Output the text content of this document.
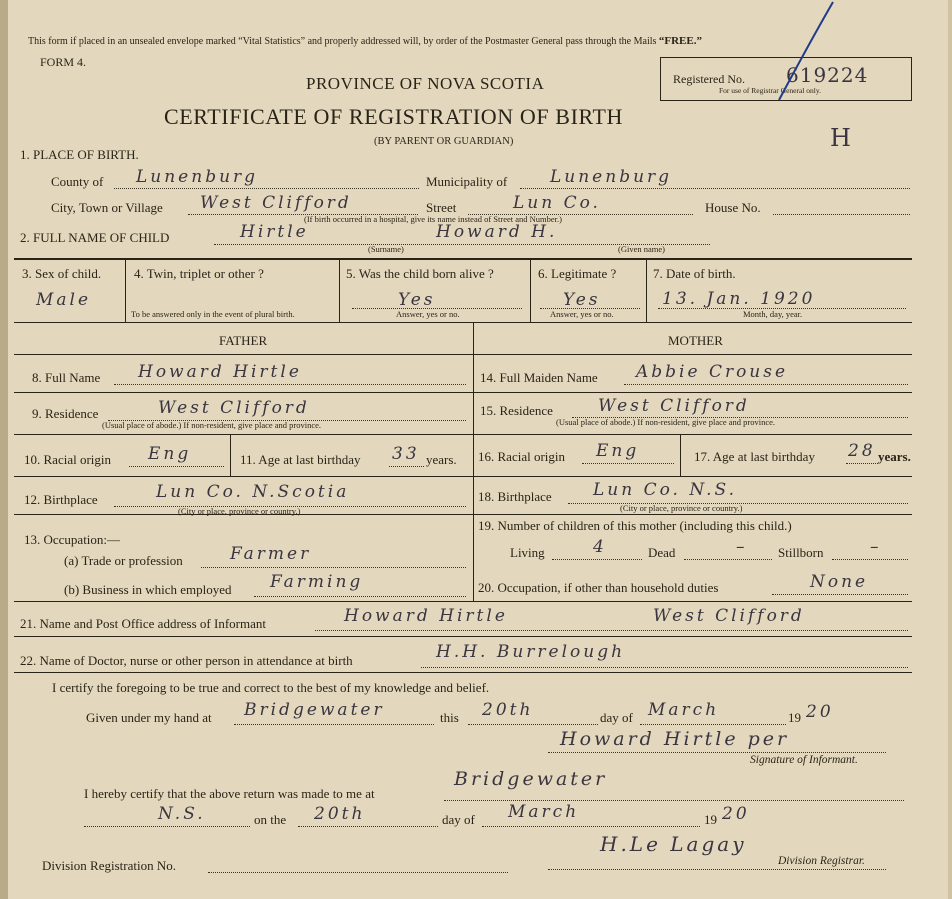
This form if placed in an unsealed envelope marked “Vital Statistics” and properly addressed will, by order of the Postmaster General pass through the Mails “FREE.”
FORM 4.
PROVINCE OF NOVA SCOTIA
CERTIFICATE OF REGISTRATION OF BIRTH
(BY PARENT OR GUARDIAN)
Registered No. 619224
For use of Registrar General only.
H
1. PLACE OF BIRTH.
County of Lunenburg	Municipality of	Lunenburg
City, Town or Village West Clifford	Street	Lun Co.	House No.
(If birth occurred in a hospital, give its name instead of Street and Number.)
2. FULL NAME OF CHILD	Hirtle	Howard H.
(Surname)	(Given name)
3. Sex of child.
Male
4. Twin, triplet or other ?
To be answered only in the event of plural birth.
5. Was the child born alive ?
Yes
Answer, yes or no.
6. Legitimate ?
Yes
Answer, yes or no.
7. Date of birth.
13. Jan. 1920
Month, day, year.
FATHER	MOTHER
8. Full Name Howard Hirtle
9. Residence	West Clifford
(Usual place of abode.) If non-resident, give place and province.
10. Racial origin Eng	11. Age at last birthday 33 years.
12. Birthplace	Lun Co. N.Scotia
(City or place, province or country.)
13. Occupation:—
(a) Trade or profession	Farmer
(b) Business in which employed Farming
14. Full Maiden Name Abbie Crouse
15. Residence	West Clifford
(Usual place of abode.) If non-resident, give place and province.
16. Racial origin Eng	17. Age at last birthday 28 years.
18. Birthplace Lun Co. N.S.
(City or place, province or country.)
19. Number of children of this mother (including this child.)
Living	4	Dead	– Stillborn	–
20. Occupation, if other than household duties	None
21. Name and Post Office address of Informant	Howard Hirtle	West Clifford
22. Name of Doctor, nurse or other person in attendance at birth	H.H. Burrelough
I certify the foregoing to be true and correct to the best of my knowledge and belief.
Given under my hand at Bridgewater	this 20th	day of March	19 20
Howard Hirtle per
Signature of Informant.
I hereby certify that the above return was made to me at
Bridgewater
N.S.	on the 20th	day of March	19 20
H.Le Lagay
Division Registration No.	Division Registrar.
